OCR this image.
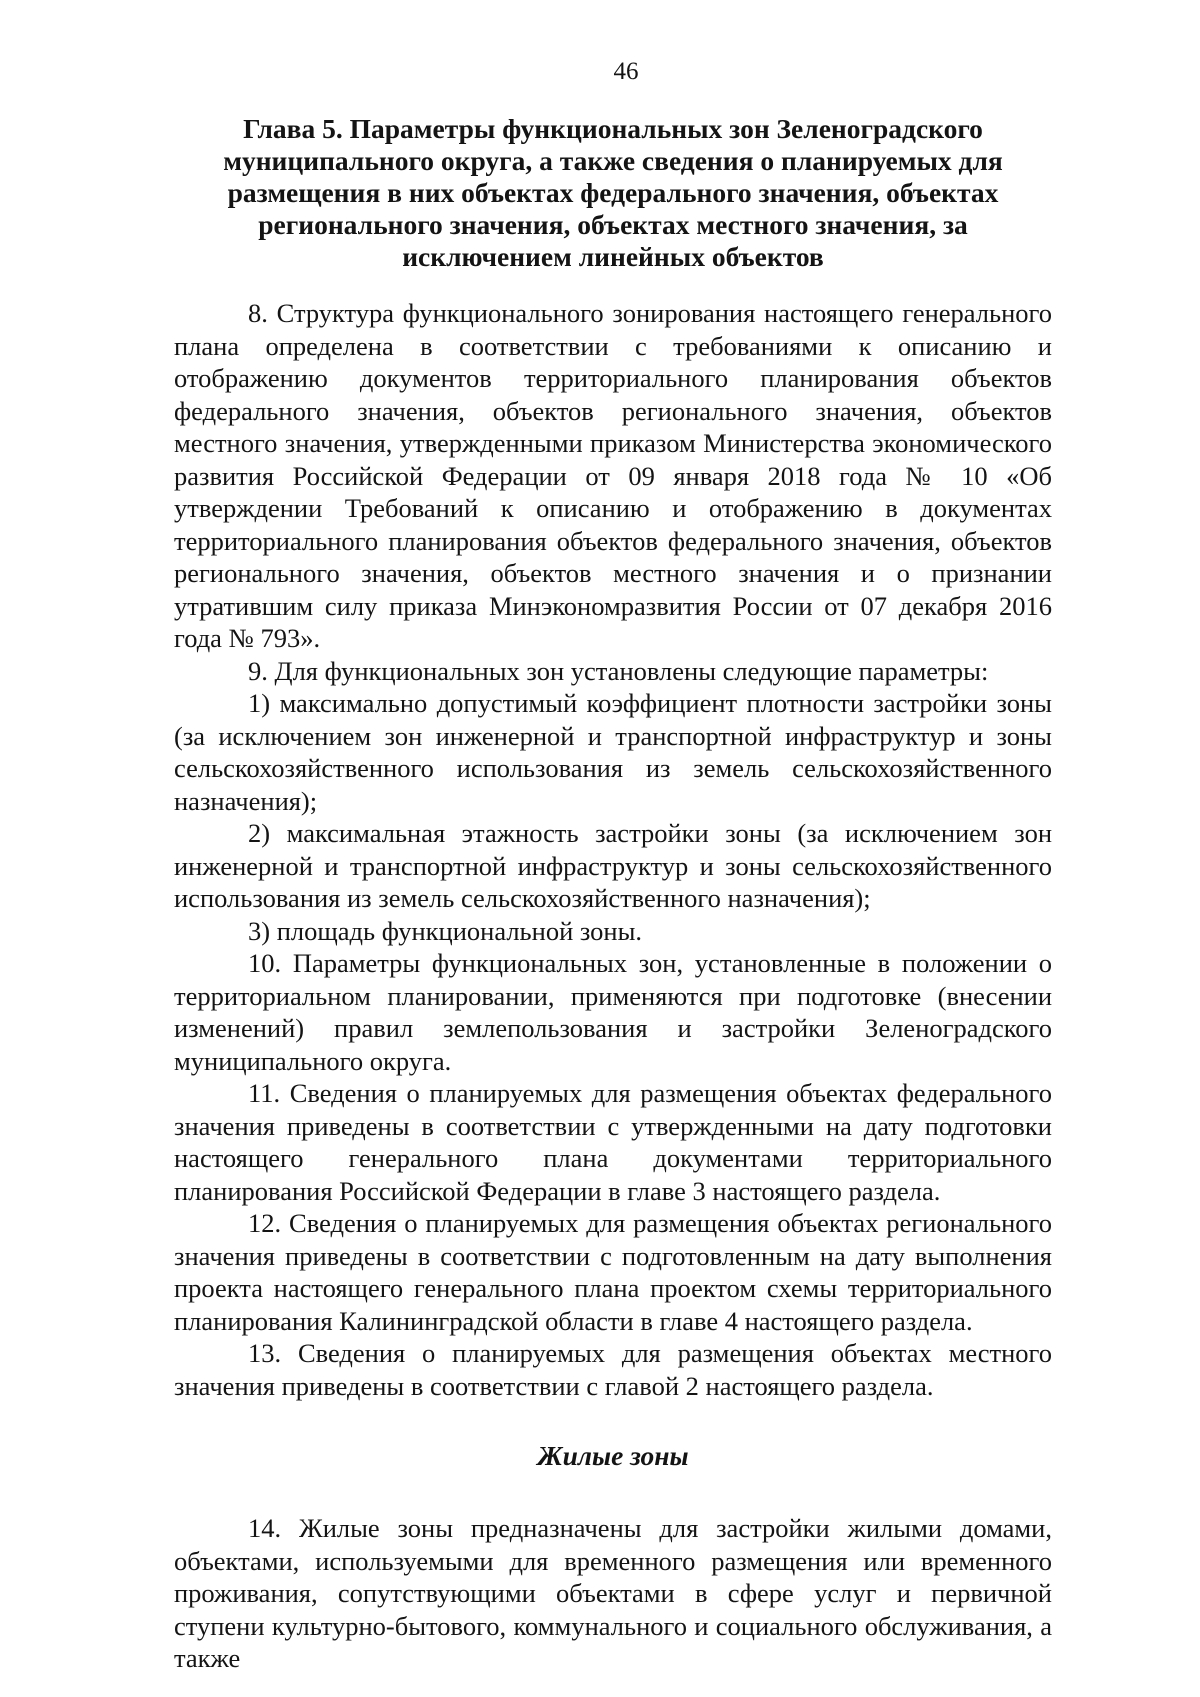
46
Глава 5. Параметры функциональных зон Зеленоградского муниципального округа, а также сведения о планируемых для размещения в них объектах федерального значения, объектах регионального значения, объектах местного значения, за исключением линейных объектов

8. Структура функционального зонирования настоящего генерального плана определена в соответствии с требованиями к описанию и отображению документов территориального планирования объектов федерального значения, объектов регионального значения, объектов местного значения, утвержденными приказом Министерства экономического развития Российской Федерации от 09 января 2018 года № 10 «Об утверждении Требований к описанию и отображению в документах территориального планирования объектов федерального значения, объектов регионального значения, объектов местного значения и о признании утратившим силу приказа Минэкономразвития России от 07 декабря 2016 года № 793».

9. Для функциональных зон установлены следующие параметры:

1) максимально допустимый коэффициент плотности застройки зоны (за исключением зон инженерной и транспортной инфраструктур и зоны сельскохозяйственного использования из земель сельскохозяйственного назначения);

2) максимальная этажность застройки зоны (за исключением зон инженерной и транспортной инфраструктур и зоны сельскохозяйственного использования из земель сельскохозяйственного назначения);

3) площадь функциональной зоны.

10. Параметры функциональных зон, установленные в положении о территориальном планировании, применяются при подготовке (внесении изменений) правил землепользования и застройки Зеленоградского муниципального округа.

11. Сведения о планируемых для размещения объектах федерального значения приведены в соответствии с утвержденными на дату подготовки настоящего генерального плана документами территориального планирования Российской Федерации в главе 3 настоящего раздела.

12. Сведения о планируемых для размещения объектах регионального значения приведены в соответствии с подготовленным на дату выполнения проекта настоящего генерального плана проектом схемы территориального планирования Калининградской области в главе 4 настоящего раздела.

13. Сведения о планируемых для размещения объектах местного значения приведены в соответствии с главой 2 настоящего раздела.

Жилые зоны

14. Жилые зоны предназначены для застройки жилыми домами, объектами, используемыми для временного размещения или временного проживания, сопутствующими объектами в сфере услуг и первичной ступени культурно-бытового, коммунального и социального обслуживания, а также
